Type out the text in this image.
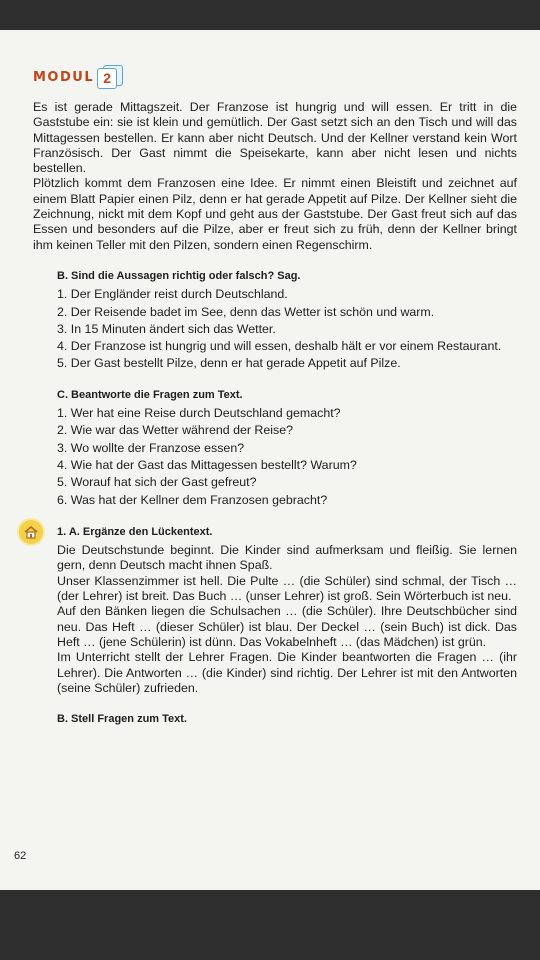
MODUL 2

Es ist gerade Mittagszeit. Der Franzose ist hungrig und will essen. Er tritt in die Gaststube ein: sie ist klein und gemütlich. Der Gast setzt sich an den Tisch und will das Mittagessen bestellen. Er kann aber nicht Deutsch. Und der Kellner verstand kein Wort Französisch. Der Gast nimmt die Speisekarte, kann aber nicht lesen und nichts bestellen.

Plötzlich kommt dem Franzosen eine Idee. Er nimmt einen Bleistift und zeichnet auf einem Blatt Papier einen Pilz, denn er hat gerade Appetit auf Pilze. Der Kellner sieht die Zeichnung, nickt mit dem Kopf und geht aus der Gaststube. Der Gast freut sich auf das Essen und besonders auf die Pilze, aber er freut sich zu früh, denn der Kellner bringt ihm keinen Teller mit den Pilzen, sondern einen Regenschirm.

B. Sind die Aussagen richtig oder falsch? Sag.
1. Der Engländer reist durch Deutschland.
2. Der Reisende badet im See, denn das Wetter ist schön und warm.
3. In 15 Minuten ändert sich das Wetter.
4. Der Franzose ist hungrig und will essen, deshalb hält er vor einem Restaurant.
5. Der Gast bestellt Pilze, denn er hat gerade Appetit auf Pilze.
C. Beantworte die Fragen zum Text.
1. Wer hat eine Reise durch Deutschland gemacht?
2. Wie war das Wetter während der Reise?
3. Wo wollte der Franzose essen?
4. Wie hat der Gast das Mittagessen bestellt? Warum?
5. Worauf hat sich der Gast gefreut?
6. Was hat der Kellner dem Franzosen gebracht?
1. A. Ergänze den Lückentext.

Die Deutschstunde beginnt. Die Kinder sind aufmerksam und fleißig. Sie lernen gern, denn Deutsch macht ihnen Spaß.

Unser Klassenzimmer ist hell. Die Pulte … (die Schüler) sind schmal, der Tisch … (der Lehrer) ist breit. Das Buch … (unser Lehrer) ist groß. Sein Wörterbuch ist neu.

Auf den Bänken liegen die Schulsachen … (die Schüler). Ihre Deutschbücher sind neu. Das Heft … (dieser Schüler) ist blau. Der Deckel … (sein Buch) ist dick. Das Heft … (jene Schülerin) ist dünn. Das Vokabelnheft … (das Mädchen) ist grün.

Im Unterricht stellt der Lehrer Fragen. Die Kinder beantworten die Fragen … (ihr Lehrer). Die Antworten … (die Kinder) sind richtig. Der Lehrer ist mit den Antworten (seine Schüler) zufrieden.

B. Stell Fragen zum Text.
62
